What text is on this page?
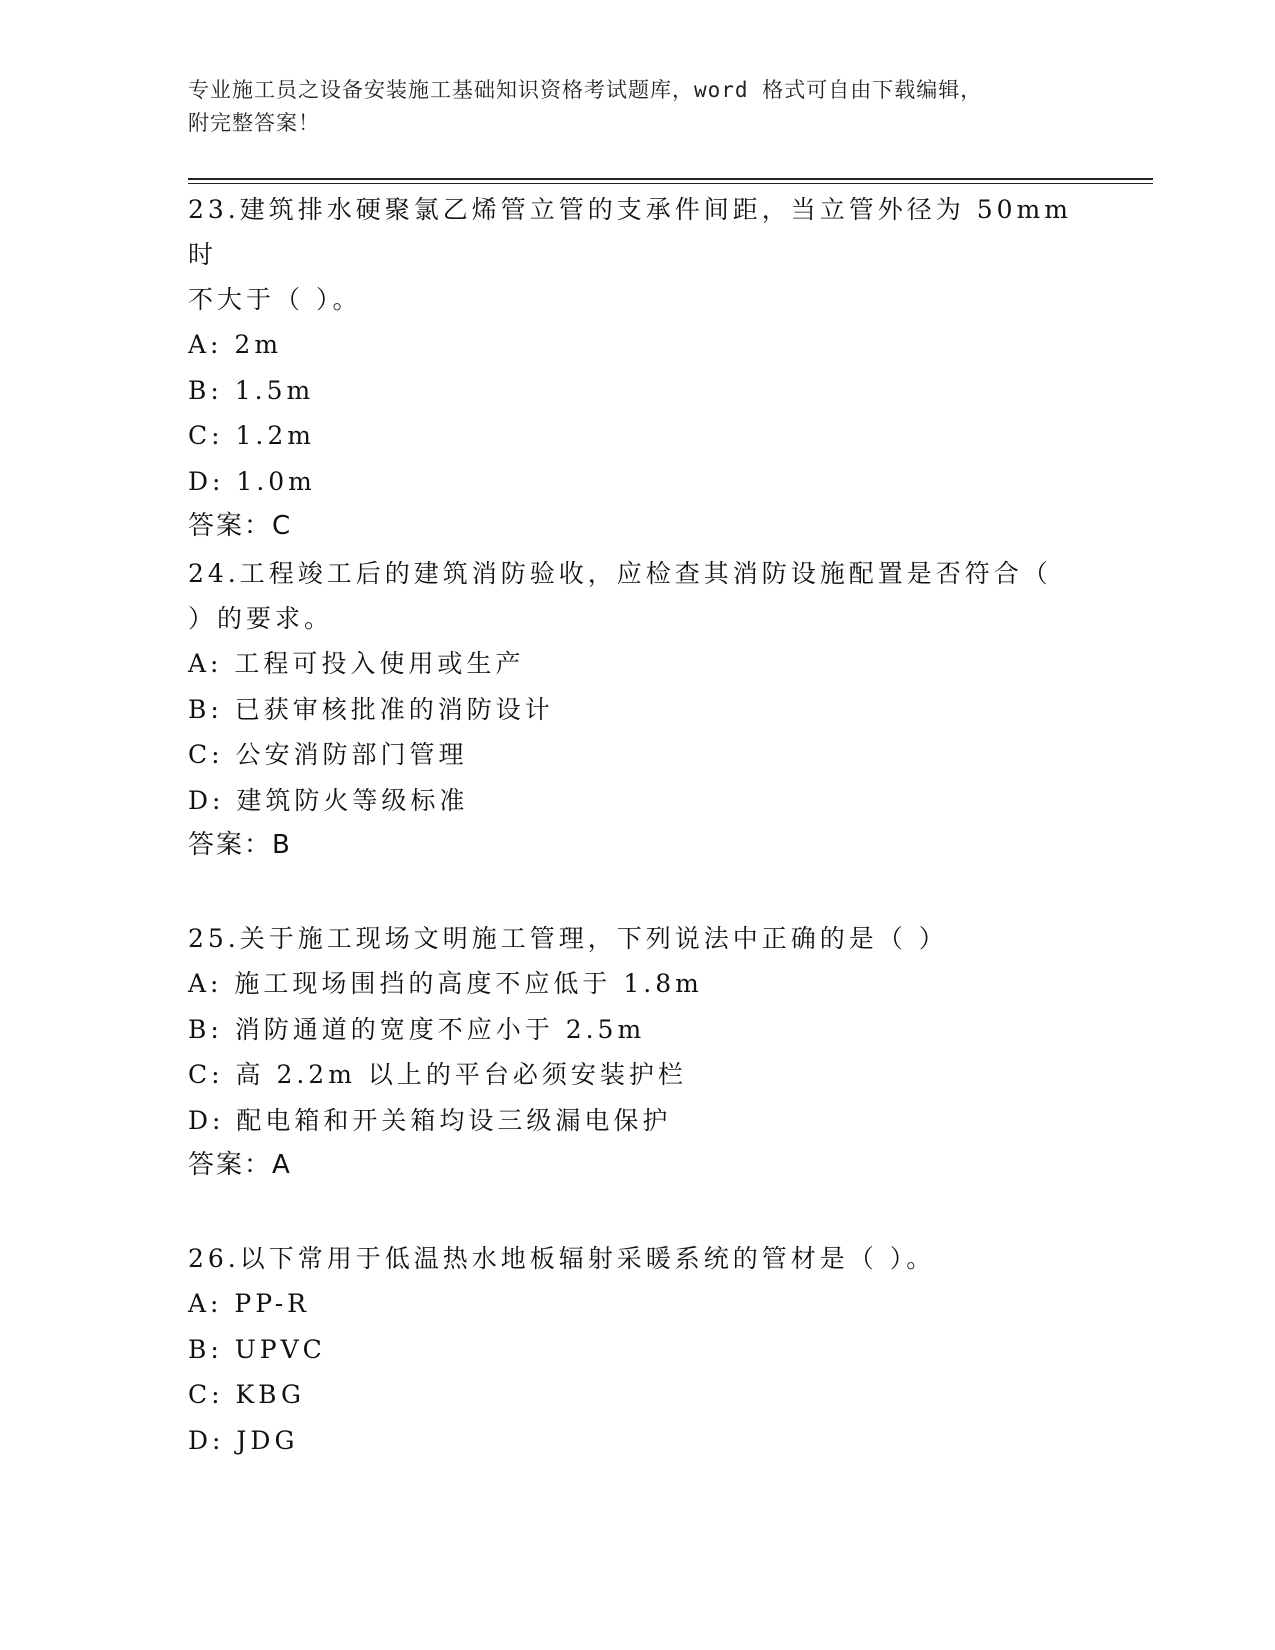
专业施工员之设备安装施工基础知识资格考试题库，word 格式可自由下载编辑，
附完整答案！

23.建筑排水硬聚氯乙烯管立管的支承件间距，当立管外径为 50mm 时

不大于（ ）。

A: 2m

B: 1.5m

C: 1.2m

D: 1.0m

答案：C

24.工程竣工后的建筑消防验收，应检查其消防设施配置是否符合（

）的要求。

A: 工程可投入使用或生产

B: 已获审核批准的消防设计

C: 公安消防部门管理

D: 建筑防火等级标准

答案：B

25.关于施工现场文明施工管理，下列说法中正确的是（ ）

A: 施工现场围挡的高度不应低于 1.8m

B: 消防通道的宽度不应小于 2.5m

C: 高 2.2m 以上的平台必须安装护栏

D: 配电箱和开关箱均设三级漏电保护

答案：A

26.以下常用于低温热水地板辐射采暖系统的管材是（ ）。

A: PP-R

B: UPVC

C: KBG

D: JDG
